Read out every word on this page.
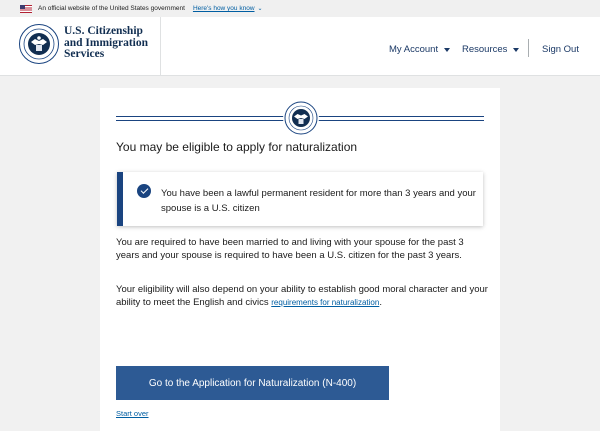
An official website of the United States government Here's how you know ⌄
U.S. Citizenship
and Immigration
Services	My Account	Resources	Sign Out
You may be eligible to apply for naturalization
You have been a lawful permanent resident for more than 3 years and your spouse is a U.S. citizen
You are required to have been married to and living with your spouse for the past 3 years and your spouse is required to have been a U.S. citizen for the past 3 years.
Your eligibility will also depend on your ability to establish good moral character and your ability to meet the English and civics requirements for naturalization.
Go to the Application for Naturalization (N-400)
Start over
